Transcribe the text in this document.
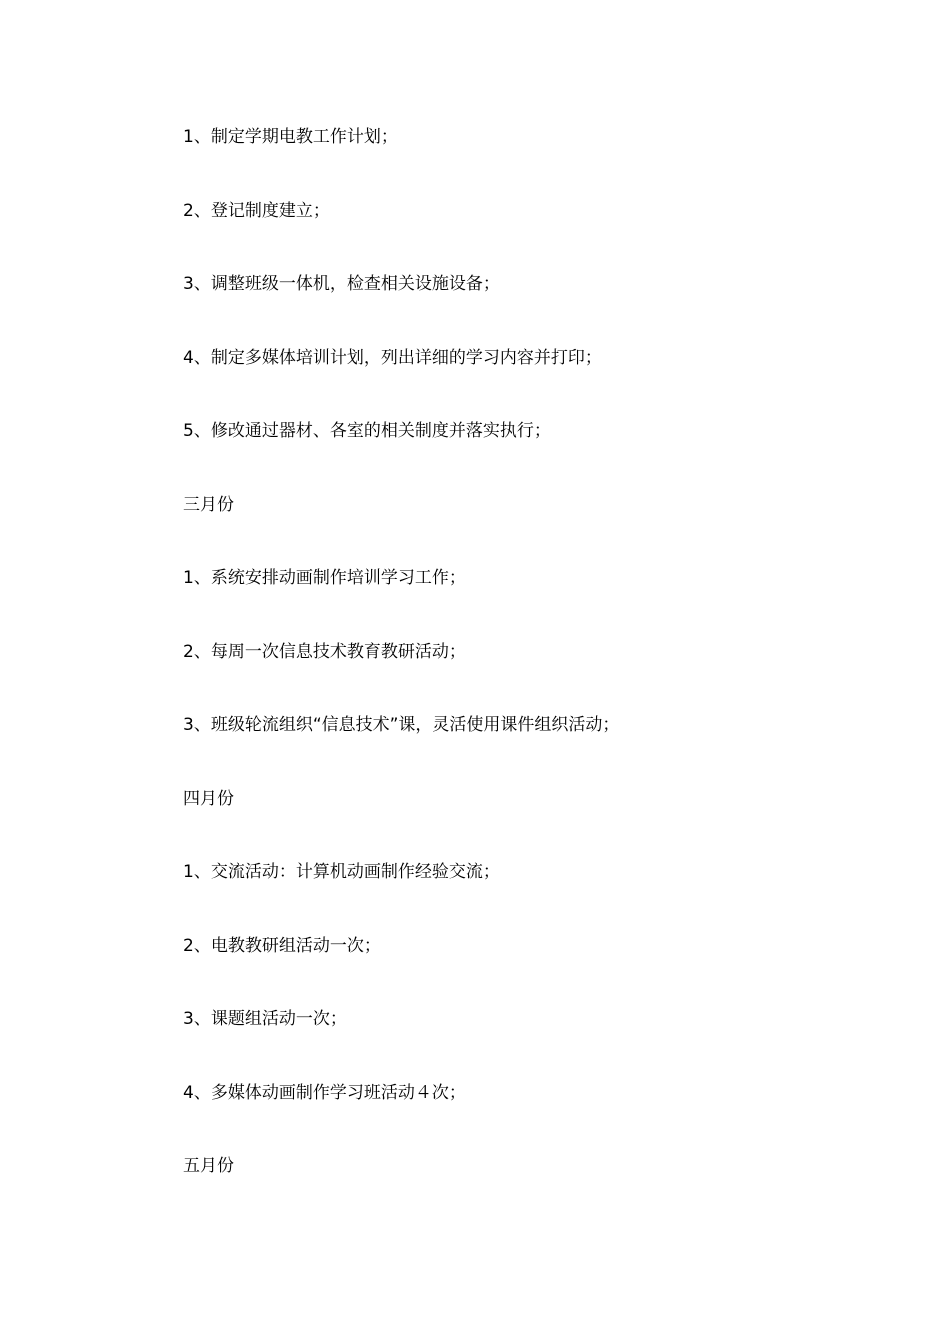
1、制定学期电教工作计划；
2、登记制度建立；
3、调整班级一体机，检查相关设施设备；
4、制定多媒体培训计划，列出详细的学习内容并打印；
5、修改通过器材、各室的相关制度并落实执行；
三月份
1、系统安排动画制作培训学习工作；
2、每周一次信息技术教育教研活动；
3、班级轮流组织“信息技术”课，灵活使用课件组织活动；
四月份
1、交流活动：计算机动画制作经验交流；
2、电教教研组活动一次；
3、课题组活动一次；
4、多媒体动画制作学习班活动４次；
五月份
